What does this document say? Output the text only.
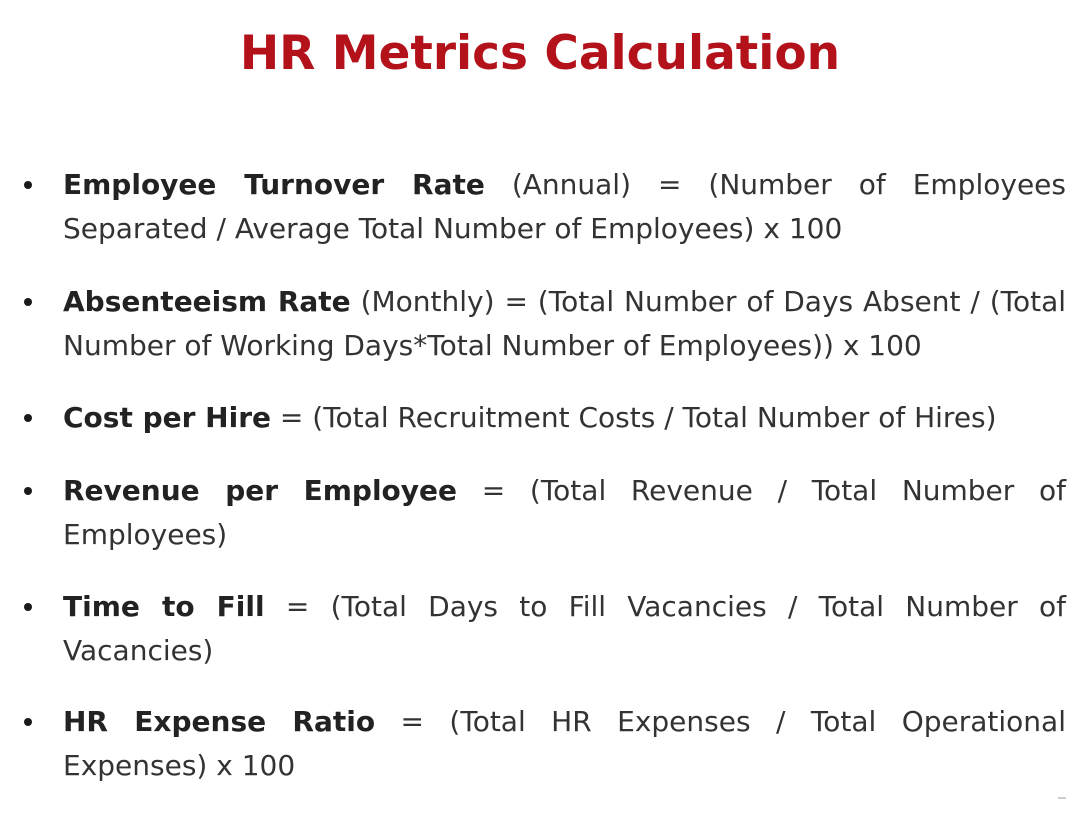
HR Metrics Calculation
Employee Turnover Rate (Annual) = (Number of Employees Separated / Average Total Number of Employees) x 100
Absenteeism Rate (Monthly) = (Total Number of Days Absent / (Total Number of Working Days*Total Number of Employees)) x 100
Cost per Hire = (Total Recruitment Costs / Total Number of Hires)
Revenue per Employee = (Total Revenue / Total Number of Employees)
Time to Fill = (Total Days to Fill Vacancies / Total Number of Vacancies)
HR Expense Ratio = (Total HR Expenses / Total Operational Expenses) x 100
